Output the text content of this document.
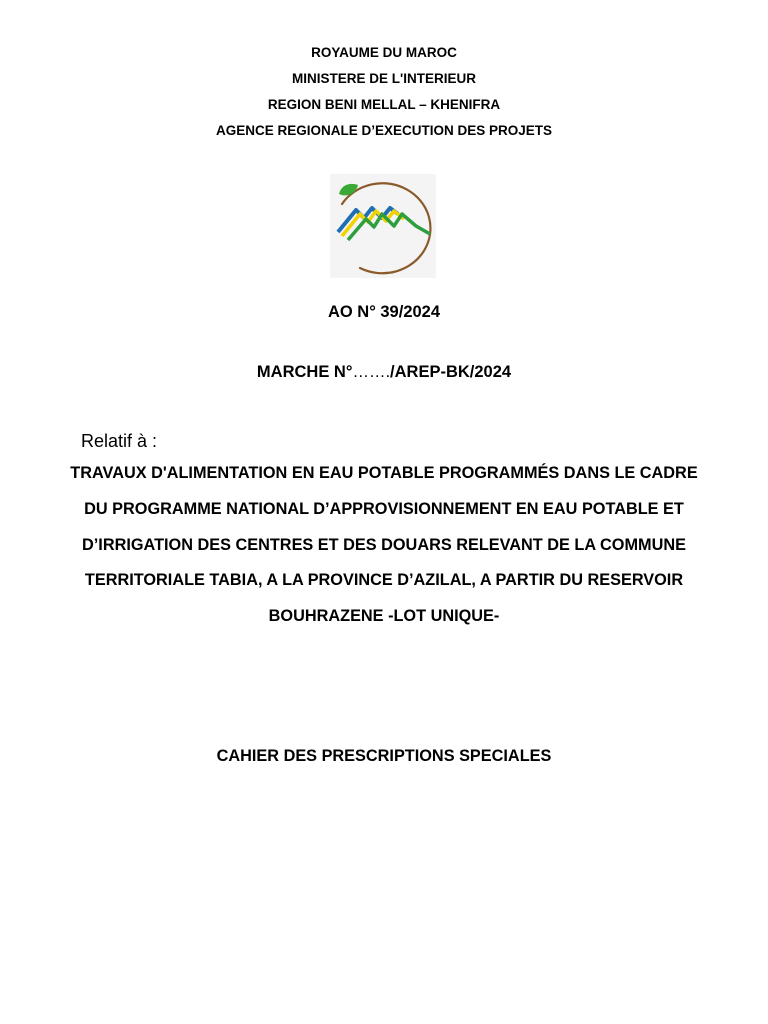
ROYAUME DU MAROC
MINISTERE DE L'INTERIEUR
REGION BENI MELLAL – KHENIFRA
AGENCE REGIONALE D’EXECUTION DES PROJETS
AO N° 39/2024
MARCHE N°……./AREP-BK/2024
Relatif à :
TRAVAUX D'ALIMENTATION EN EAU POTABLE PROGRAMMÉS DANS LE CADRE
DU PROGRAMME NATIONAL D’APPROVISIONNEMENT EN EAU POTABLE ET
D’IRRIGATION DES CENTRES ET DES DOUARS RELEVANT DE LA COMMUNE
TERRITORIALE TABIA, A LA PROVINCE D’AZILAL, A PARTIR DU RESERVOIR
BOUHRAZENE -LOT UNIQUE-
CAHIER DES PRESCRIPTIONS SPECIALES
